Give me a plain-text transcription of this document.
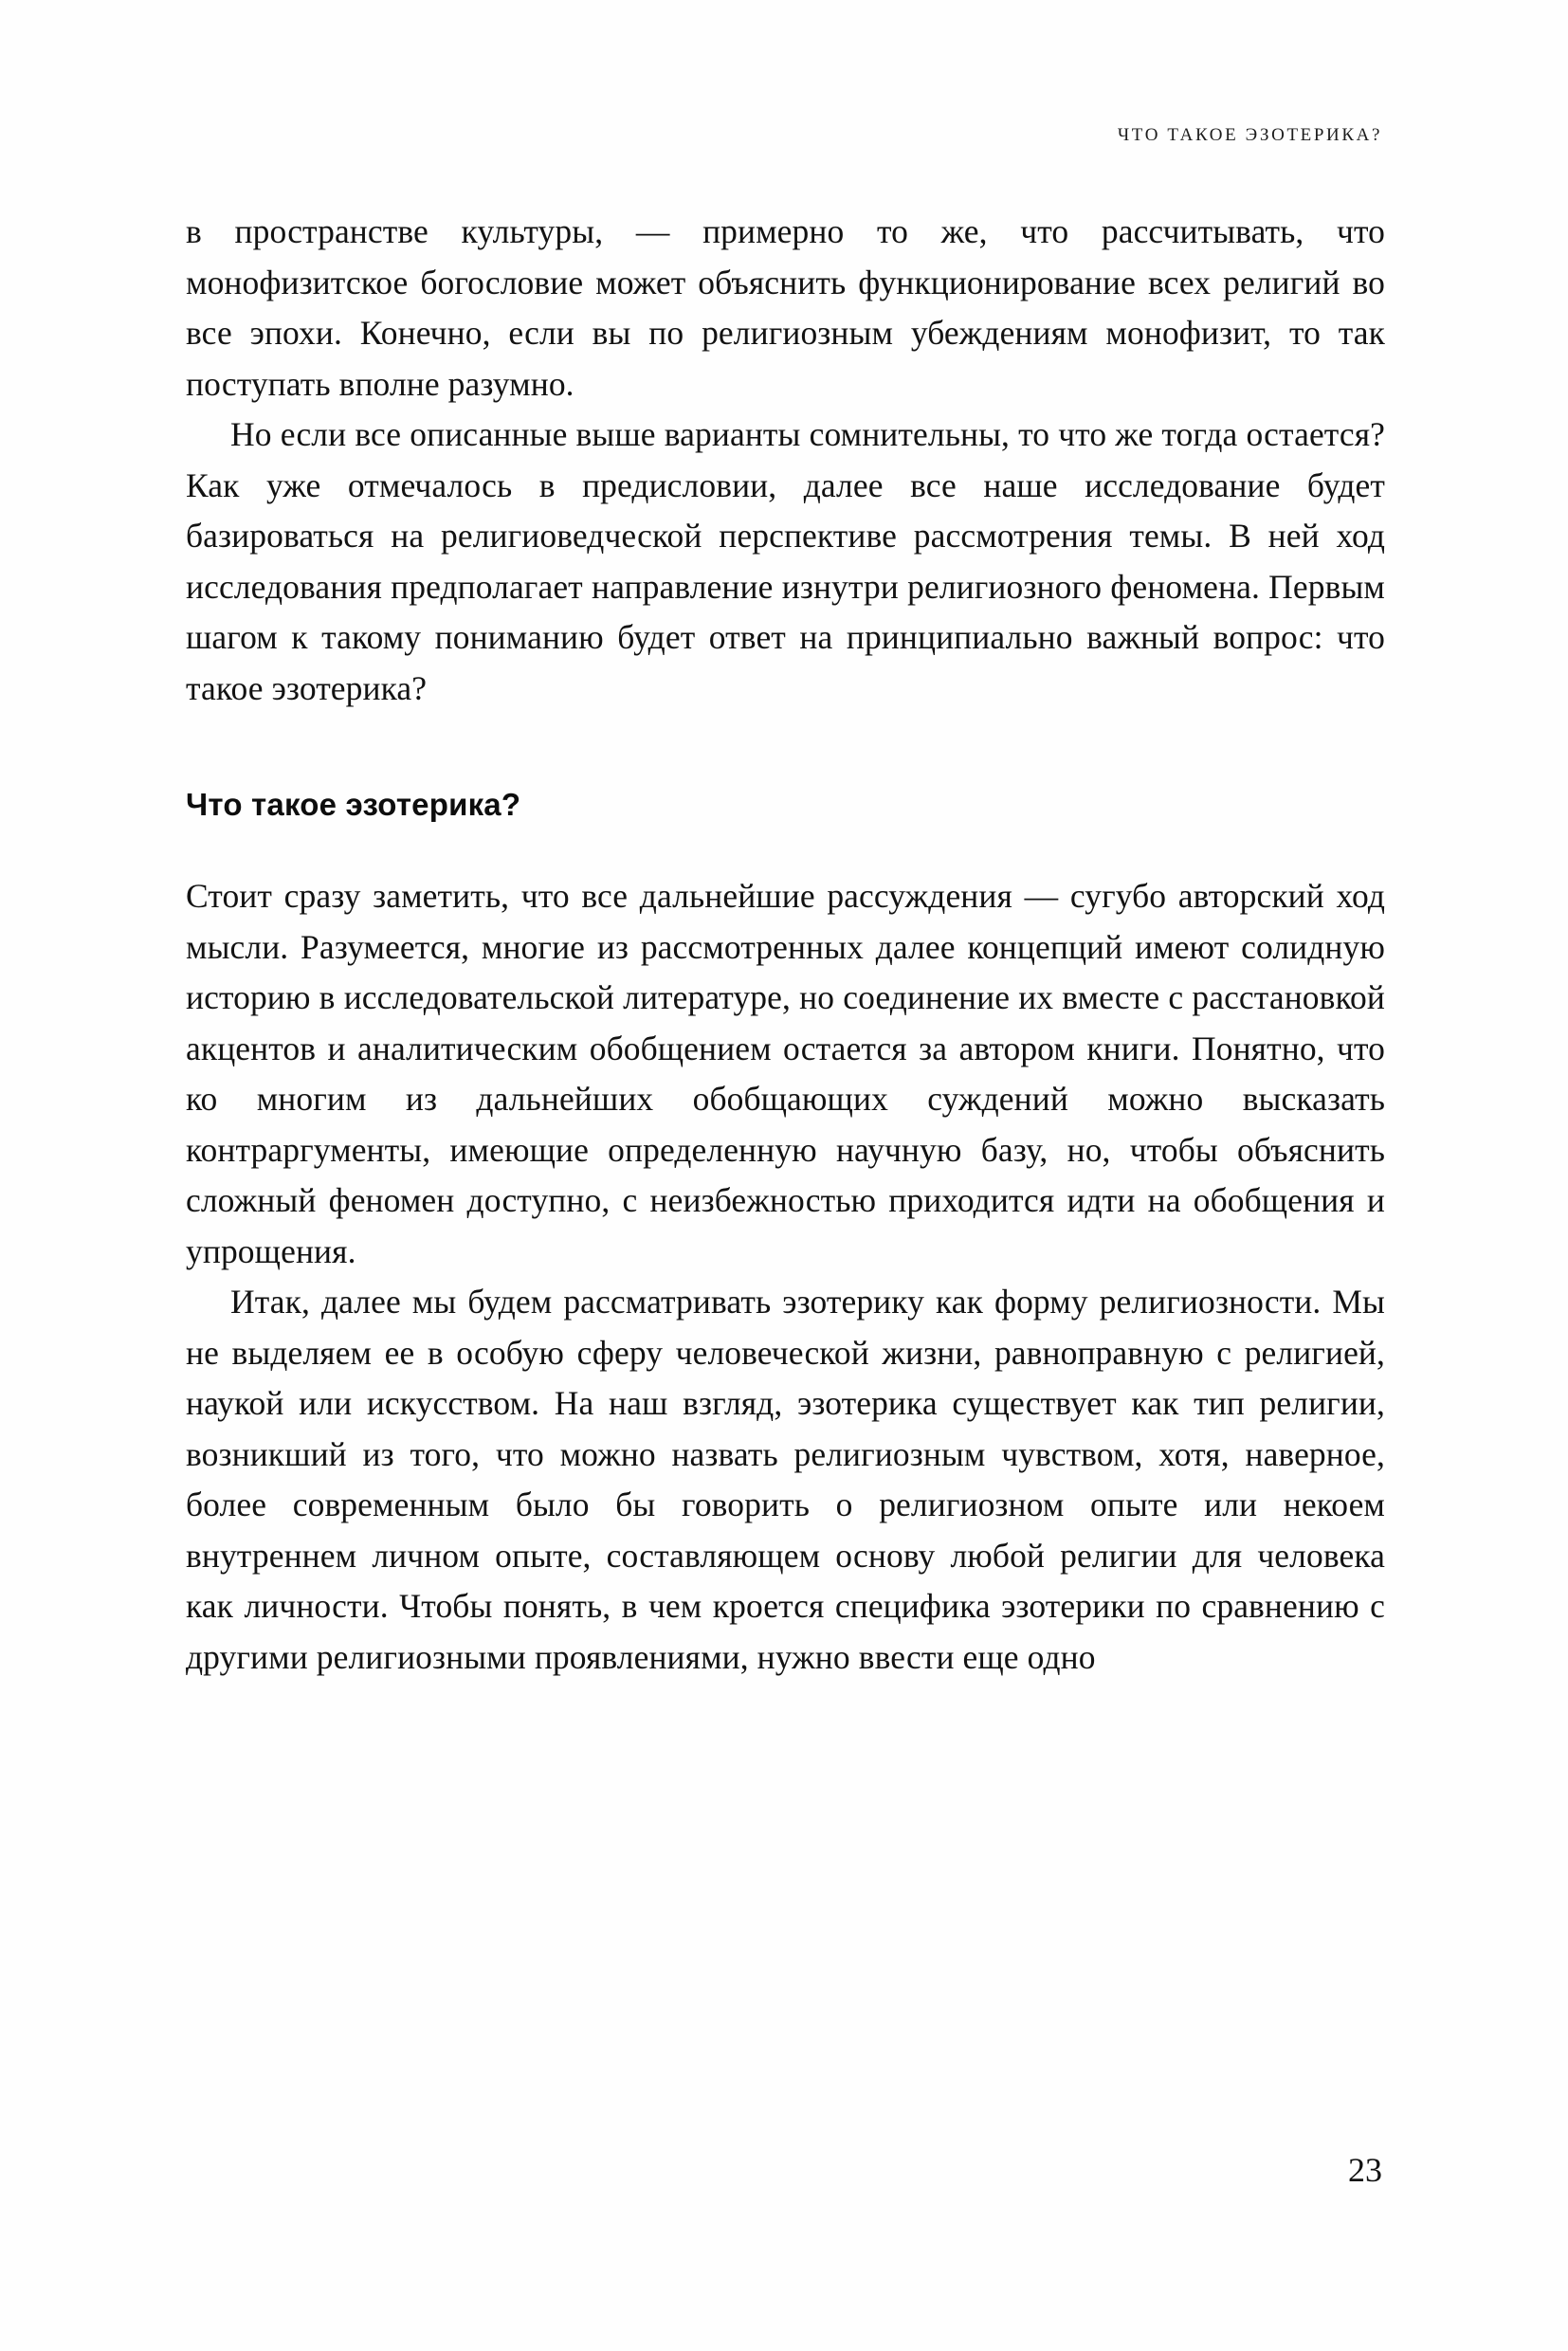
ЧТО ТАКОЕ ЭЗОТЕРИКА?

в пространстве культуры, — примерно то же, что рассчитывать, что монофизитское богословие может объяснить функционирование всех религий во все эпохи. Конечно, если вы по религиозным убеждениям монофизит, то так поступать вполне разумно.

Но если все описанные выше варианты сомнительны, то что же тогда остается? Как уже отмечалось в предисловии, далее все наше исследование будет базироваться на религиоведческой перспективе рассмотрения темы. В ней ход исследования предполагает направление изнутри религиозного феномена. Первым шагом к такому пониманию будет ответ на принципиально важный вопрос: что такое эзотерика?

Что такое эзотерика?

Стоит сразу заметить, что все дальнейшие рассуждения — сугубо авторский ход мысли. Разумеется, многие из рассмотренных далее концепций имеют солидную историю в исследовательской литературе, но соединение их вместе с расстановкой акцентов и аналитическим обобщением остается за автором книги. Понятно, что ко многим из дальнейших обобщающих суждений можно высказать контраргументы, имеющие определенную научную базу, но, чтобы объяснить сложный феномен доступно, с неизбежностью приходится идти на обобщения и упрощения.

Итак, далее мы будем рассматривать эзотерику как форму религиозности. Мы не выделяем ее в особую сферу человеческой жизни, равноправную с религией, наукой или искусством. На наш взгляд, эзотерика существует как тип религии, возникший из того, что можно назвать религиозным чувством, хотя, наверное, более современным было бы говорить о религиозном опыте или некоем внутреннем личном опыте, составляющем основу любой религии для человека как личности. Чтобы понять, в чем кроется специфика эзотерики по сравнению с другими религиозными проявлениями, нужно ввести еще одно

23
